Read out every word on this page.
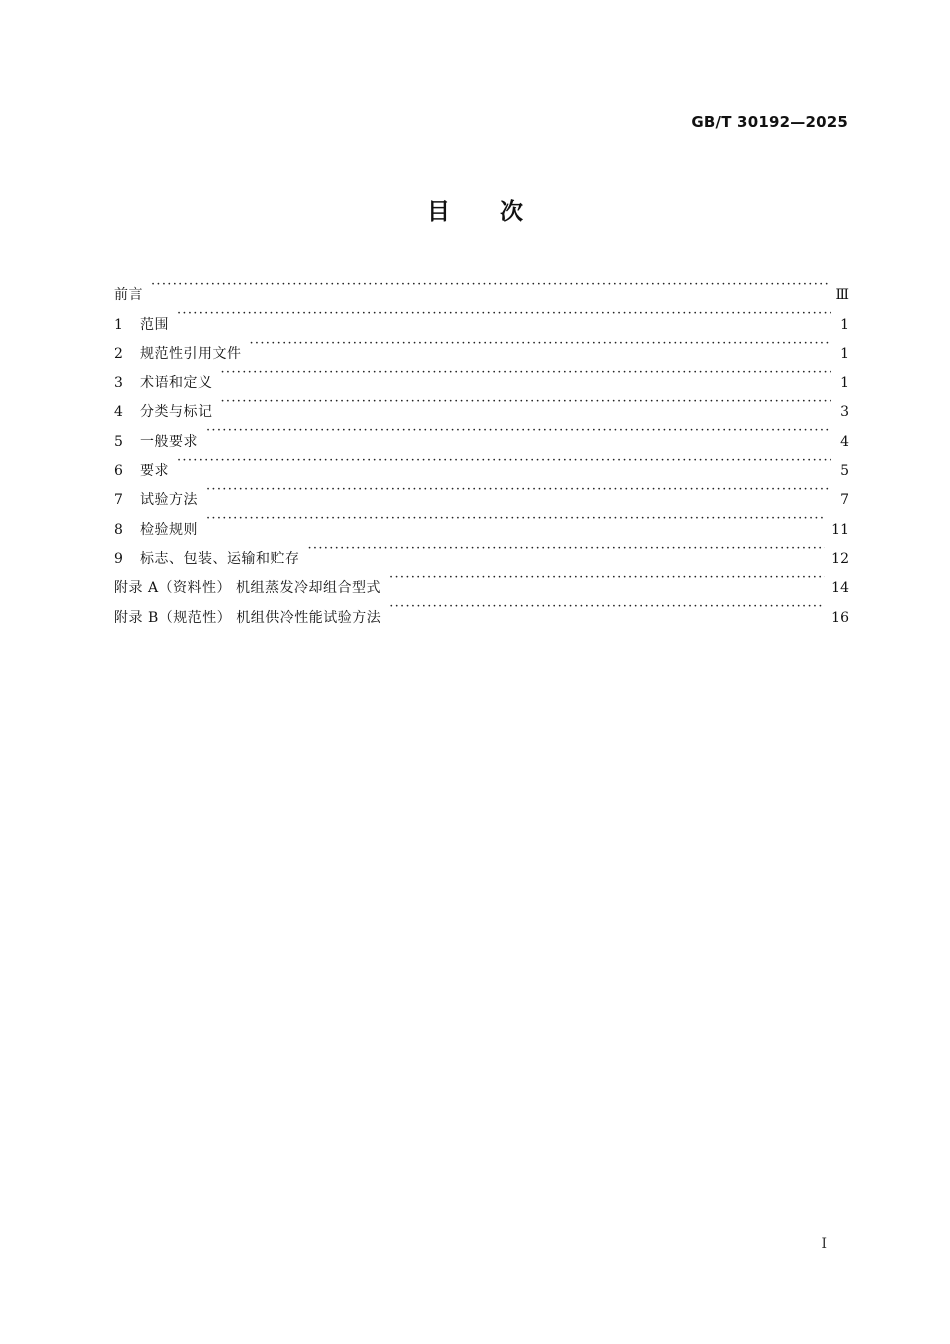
GB/T 30192—2025
目 次
前言 ·····	Ⅲ
1	范围 ·····	1
2	规范性引用文件 ·····	1
3	术语和定义 ·····	1
4	分类与标记 ·····	3
5	一般要求 ·····	4
6	要求 ·····	5
7	试验方法 ·····	7
8	检验规则 ·····	11
9	标志、包装、运输和贮存 ·····	12
附录 A（资料性） 机组蒸发冷却组合型式 ·····	14
附录 B（规范性） 机组供冷性能试验方法 ·····	16
I
